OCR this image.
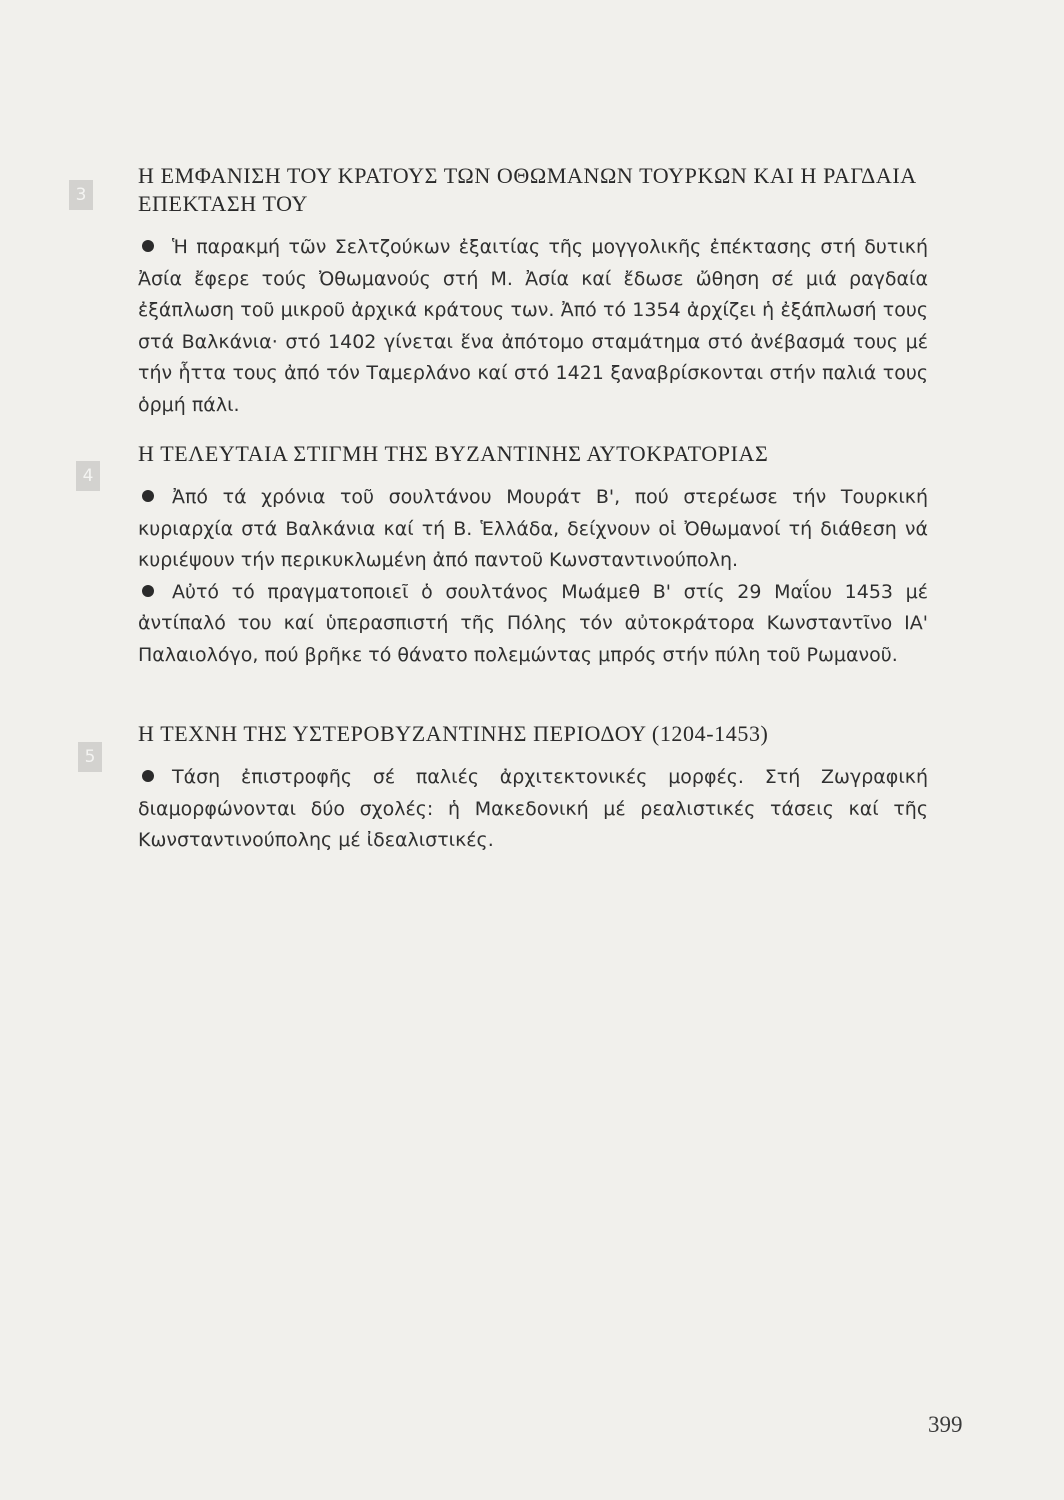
3
Η ΕΜΦΑΝΙΣΗ ΤΟΥ ΚΡΑΤΟΥΣ ΤΩΝ ΟΘΩΜΑΝΩΝ ΤΟΥΡΚΩΝ ΚΑΙ Η ΡΑΓΔΑΙΑ ΕΠΕΚΤΑΣΗ ΤΟΥ

Ἡ παρακμή τῶν Σελτζούκων ἐξαιτίας τῆς μογγολικῆς ἐπέκτασης στή δυτική Ἀσία ἔφερε τούς Ὀθωμανούς στή Μ. Ἀσία καί ἔδωσε ὤθηση σέ μιά ραγδαία ἐξάπλωση τοῦ μικροῦ ἀρχικά κράτους των. Ἀπό τό 1354 ἀρχίζει ἡ ἐξάπλωσή τους στά Βαλκάνια· στό 1402 γίνεται ἕνα ἀπότομο σταμάτημα στό ἀνέβασμά τους μέ τήν ἧττα τους ἀπό τόν Ταμερλάνο καί στό 1421 ξαναβρίσκονται στήν παλιά τους ὁρμή πάλι.

4
Η ΤΕΛΕΥΤΑΙΑ ΣΤΙΓΜΗ ΤΗΣ ΒΥΖΑΝΤΙΝΗΣ ΑΥΤΟΚΡΑΤΟΡΙΑΣ

Ἀπό τά χρόνια τοῦ σουλτάνου Μουράτ Β', πού στερέωσε τήν Τουρκική κυριαρχία στά Βαλκάνια καί τή Β. Ἑλλάδα, δείχνουν οἱ Ὀθωμανοί τή διάθεση νά κυριέψουν τήν περικυκλωμένη ἀπό παντοῦ Κωνσταντινούπολη.

Αὐτό τό πραγματοποιεῖ ὁ σουλτάνος Μωάμεθ Β' στίς 29 Μαΐου 1453 μέ ἀντίπαλό του καί ὑπερασπιστή τῆς Πόλης τόν αὐτοκράτορα Κωνσταντῖνο ΙΑ' Παλαιολόγο, πού βρῆκε τό θάνατο πολεμώντας μπρός στήν πύλη τοῦ Ρωμανοῦ.

5
Η ΤΕΧΝΗ ΤΗΣ ΥΣΤΕΡΟΒΥΖΑΝΤΙΝΗΣ ΠΕΡΙΟΔΟΥ (1204-1453)

Τάση ἐπιστροφῆς σέ παλιές ἀρχιτεκτονικές μορφές. Στή Ζωγραφική διαμορφώνονται δύο σχολές: ἡ Μακεδονική μέ ρεαλιστικές τάσεις καί τῆς Κωνσταντινούπολης μέ ἰδεαλιστικές.

399
